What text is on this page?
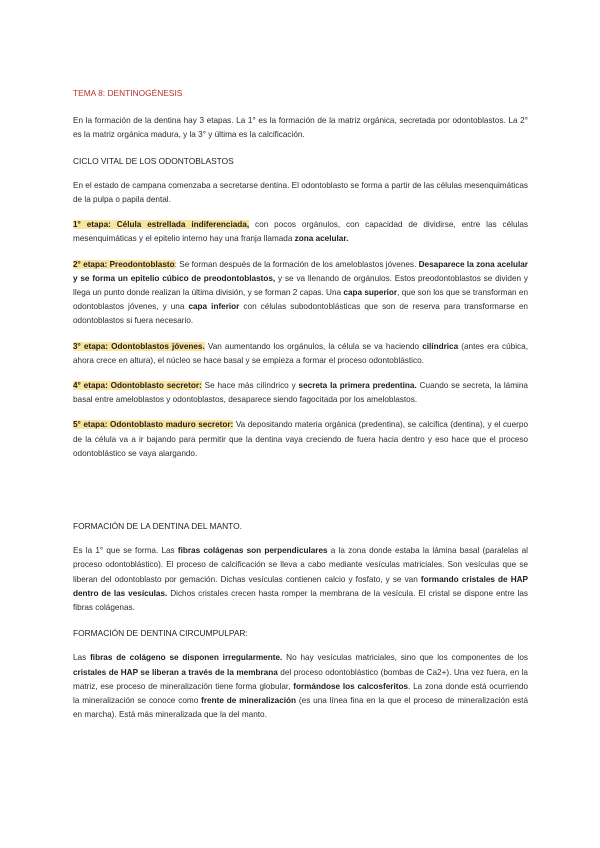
TEMA 8: DENTINOGÉNESIS

En la formación de la dentina hay 3 etapas. La 1° es la formación de la matriz orgánica, secretada por odontoblastos. La 2° es la matriz orgánica madura, y la 3° y última es la calcificación.

CICLO VITAL DE LOS ODONTOBLASTOS

En el estado de campana comenzaba a secretarse dentina. El odontoblasto se forma a partir de las células mesenquimáticas de la pulpa o papila dental.

1° etapa: Célula estrellada indiferenciada, con pocos orgánulos, con capacidad de dividirse, entre las células mesenquimáticas y el epitelio interno hay una franja llamada zona acelular.

2° etapa: Preodontoblasto: Se forman después de la formación de los ameloblastos jóvenes. Desaparece la zona acelular y se forma un epitelio cúbico de preodontoblastos, y se va llenando de orgánulos. Estos preodontoblastos se dividen y llega un punto donde realizan la última división, y se forman 2 capas. Una capa superior, que son los que se transforman en odontoblastos jóvenes, y una capa inferior con células subodontoblásticas que son de reserva para transformarse en odontoblastos si fuera necesario.

3° etapa: Odontoblastos jóvenes. Van aumentando los orgánulos, la célula se va haciendo cilíndrica (antes era cúbica, ahora crece en altura), el núcleo se hace basal y se empieza a formar el proceso odontoblástico.

4° etapa: Odontoblasto secretor: Se hace más cilíndrico y secreta la primera predentina. Cuando se secreta, la lámina basal entre ameloblastos y odontoblastos, desaparece siendo fagocitada por los ameloblastos.

5° etapa: Odontoblasto maduro secretor: Va depositando materia orgánica (predentina), se calcifica (dentina), y el cuerpo de la célula va a ir bajando para permitir que la dentina vaya creciendo de fuera hacia dentro y eso hace que el proceso odontoblástico se vaya alargando.

FORMACIÓN DE LA DENTINA DEL MANTO.

Es la 1° que se forma. Las fibras colágenas son perpendiculares a la zona donde estaba la lámina basal (paralelas al proceso odontoblástico). El proceso de calcificación se lleva a cabo mediante vesículas matriciales. Son vesículas que se liberan del odontoblasto por gemación. Dichas vesículas contienen calcio y fosfato, y se van formando cristales de HAP dentro de las vesículas. Dichos cristales crecen hasta romper la membrana de la vesícula. El cristal se dispone entre las fibras colágenas.

FORMACIÓN DE DENTINA CIRCUMPULPAR:

Las fibras de colágeno se disponen irregularmente. No hay vesículas matriciales, sino que los componentes de los cristales de HAP se liberan a través de la membrana del proceso odontoblástico (bombas de Ca2+). Una vez fuera, en la matriz, ese proceso de mineralización tiene forma globular, formándose los calcosferitos. La zona donde está ocurriendo la mineralización se conoce como frente de mineralización (es una línea fina en la que el proceso de mineralización está en marcha). Está más mineralizada que la del manto.
